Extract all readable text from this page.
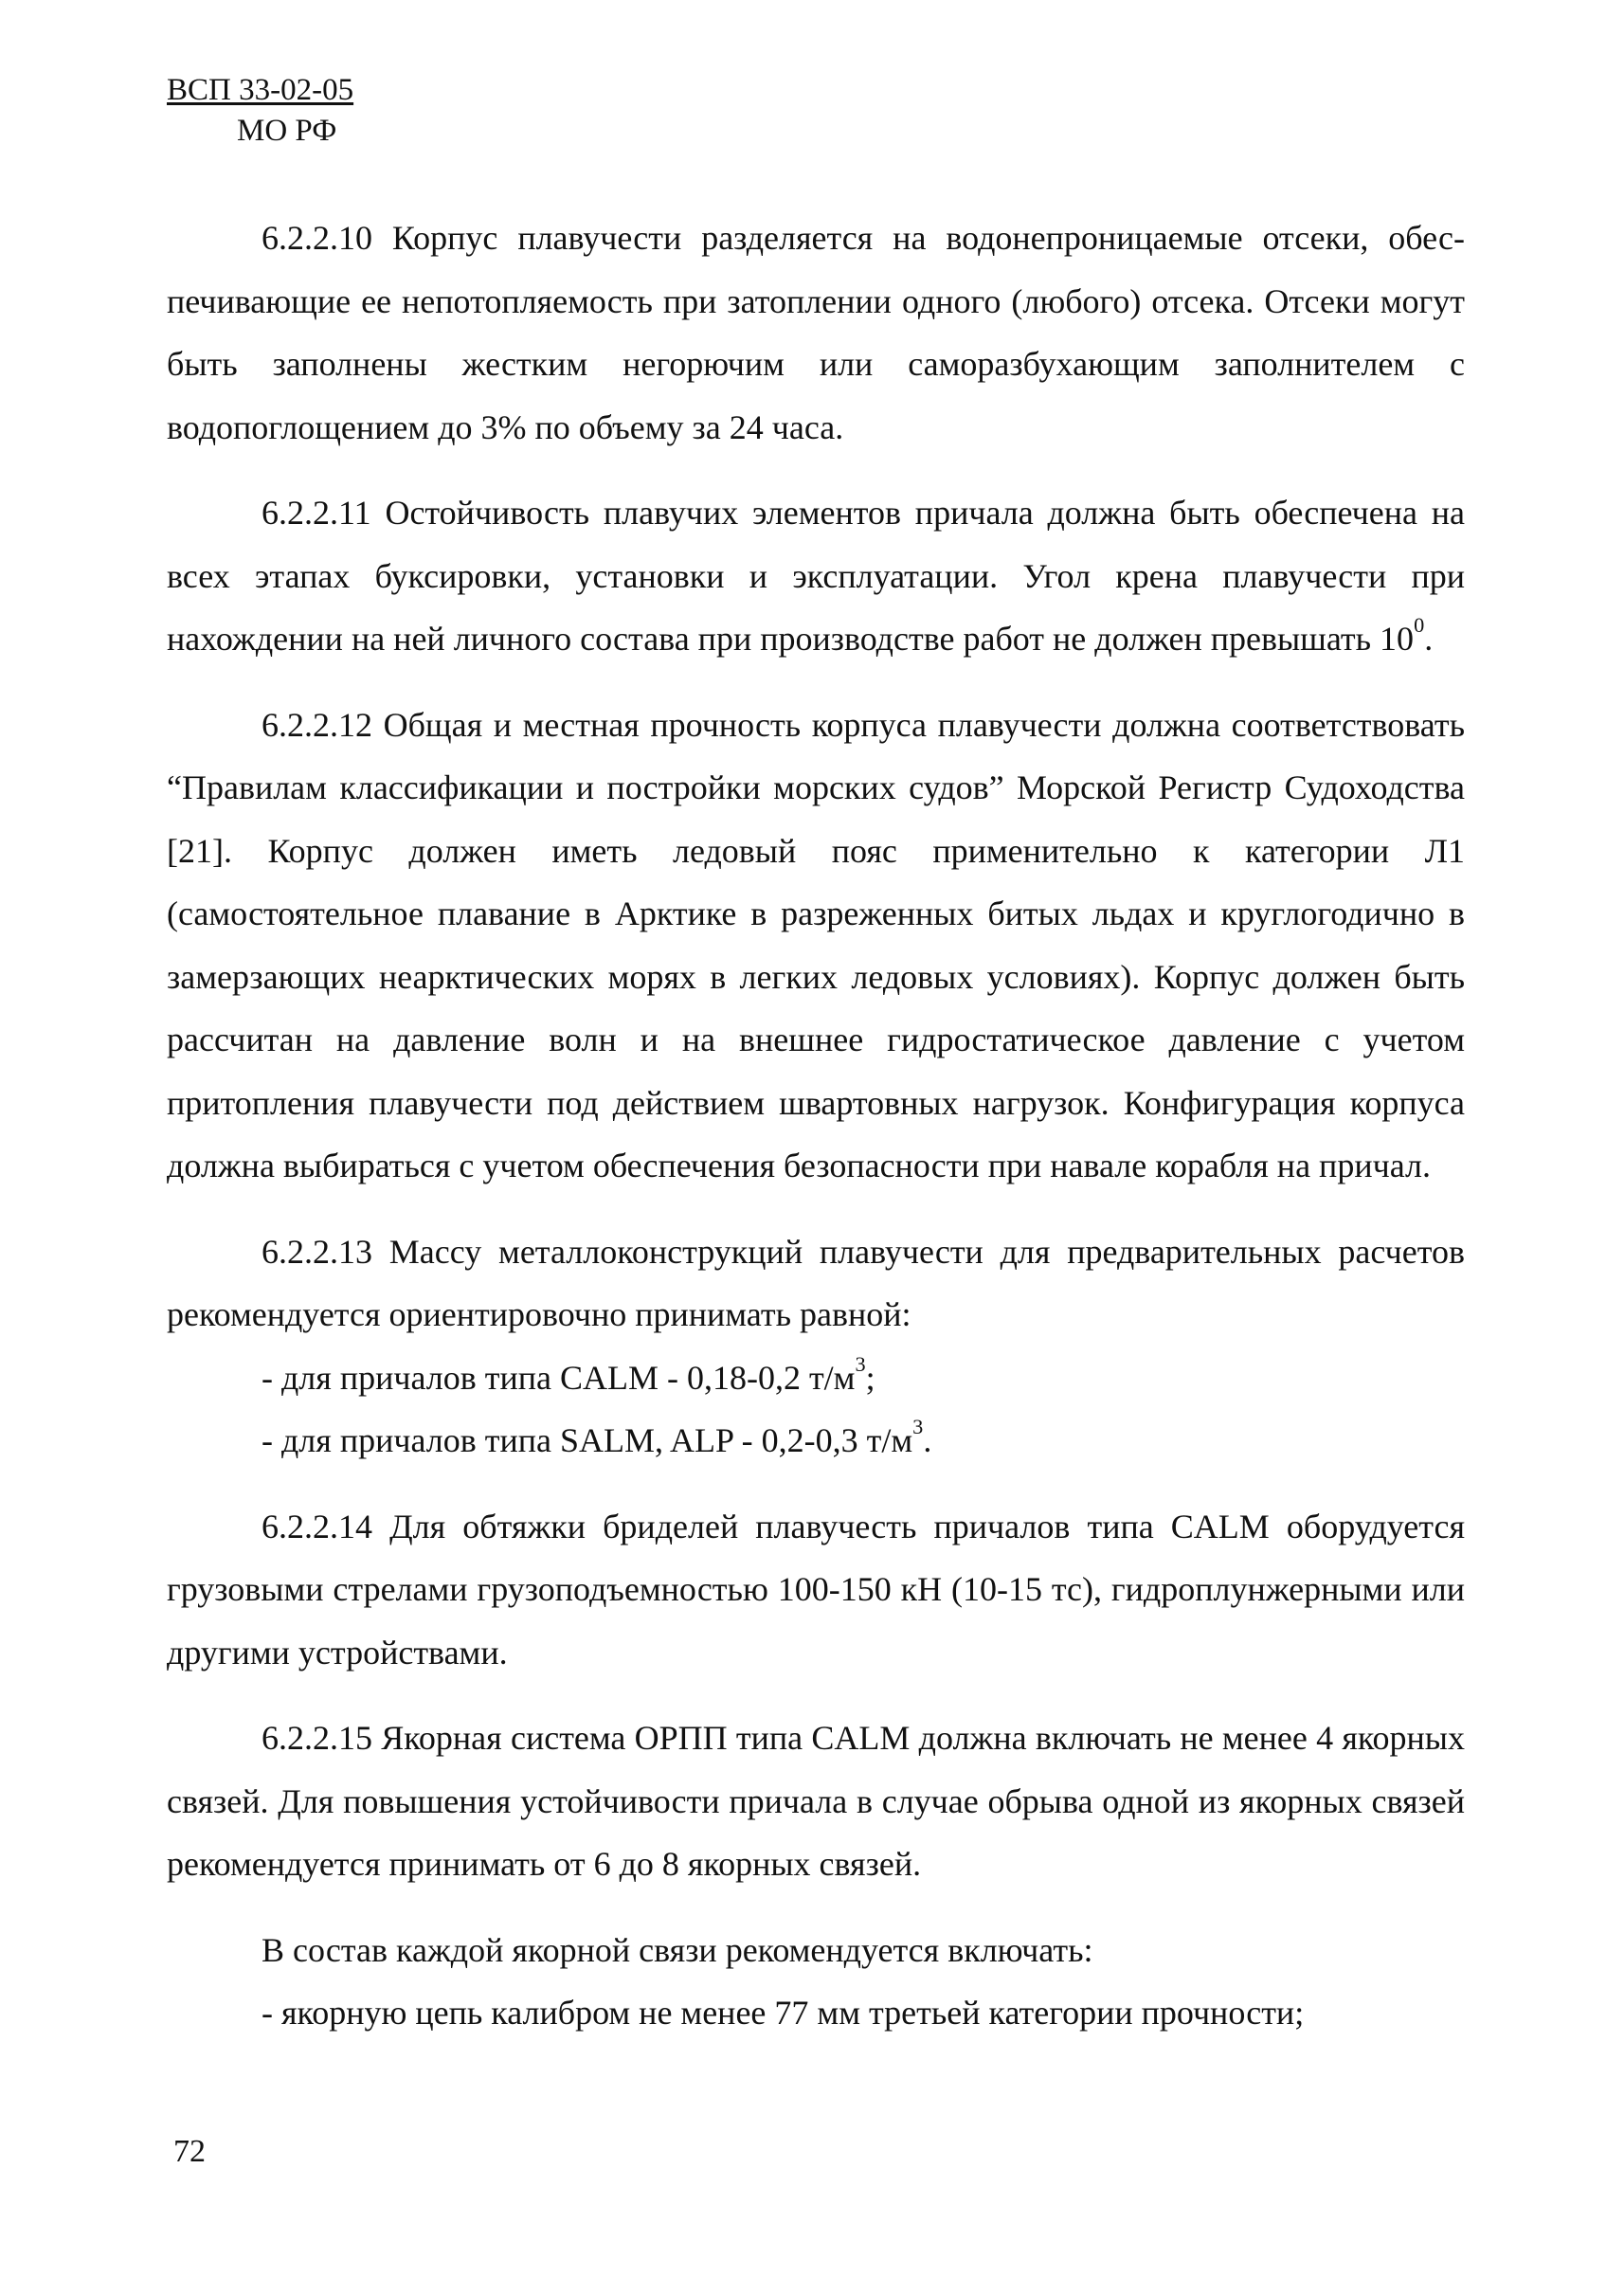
ВСП 33-02-05
МО РФ

6.2.2.10 Корпус плавучести разделяется на водонепроницаемые отсеки, обеспечивающие ее непотопляемость при затоплении одного (любого) отсека. Отсеки могут быть заполнены жестким негорючим или саморазбухающим заполнителем с водопоглощением до 3% по объему за 24 часа.

6.2.2.11 Остойчивость плавучих элементов причала должна быть обеспечена на всех этапах буксировки, установки и эксплуатации. Угол крена плавучести при нахождении на ней личного состава при производстве работ не должен превышать $10^0$.

6.2.2.12 Общая и местная прочность корпуса плавучести должна соответствовать “Правилам классификации и постройки морских судов” Морской Регистр Судоходства [21]. Корпус должен иметь ледовый пояс применительно к категории Л1 (самостоятельное плавание в Арктике в разреженных битых льдах и круглогодично в замерзающих неарктических морях в легких ледовых условиях). Корпус должен быть рассчитан на давление волн и на внешнее гидростатическое давление с учетом притопления плавучести под действием швартовных нагрузок. Конфигурация корпуса должна выбираться с учетом обеспечения безопасности при навале корабля на причал.

6.2.2.13 Массу металлоконструкций плавучести для предварительных расчетов рекомендуется ориентировочно принимать равной:

- для причалов типа CALM - 0,18-0,2 $т/м^3$;

- для причалов типа SALM, ALP - 0,2-0,3 $т/м^3$.

6.2.2.14 Для обтяжки бриделей плавучесть причалов типа CALM оборудуется грузовыми стрелами грузоподъемностью 100-150 кН (10-15 тс), гидроплунжерными или другими устройствами.

6.2.2.15 Якорная система ОРПП типа CALM должна включать не менее 4 якорных связей. Для повышения устойчивости причала в случае обрыва одной из якорных связей рекомендуется принимать от 6 до 8 якорных связей.

В состав каждой якорной связи рекомендуется включать:

- якорную цепь калибром не менее 77 мм третьей категории прочности;

72
